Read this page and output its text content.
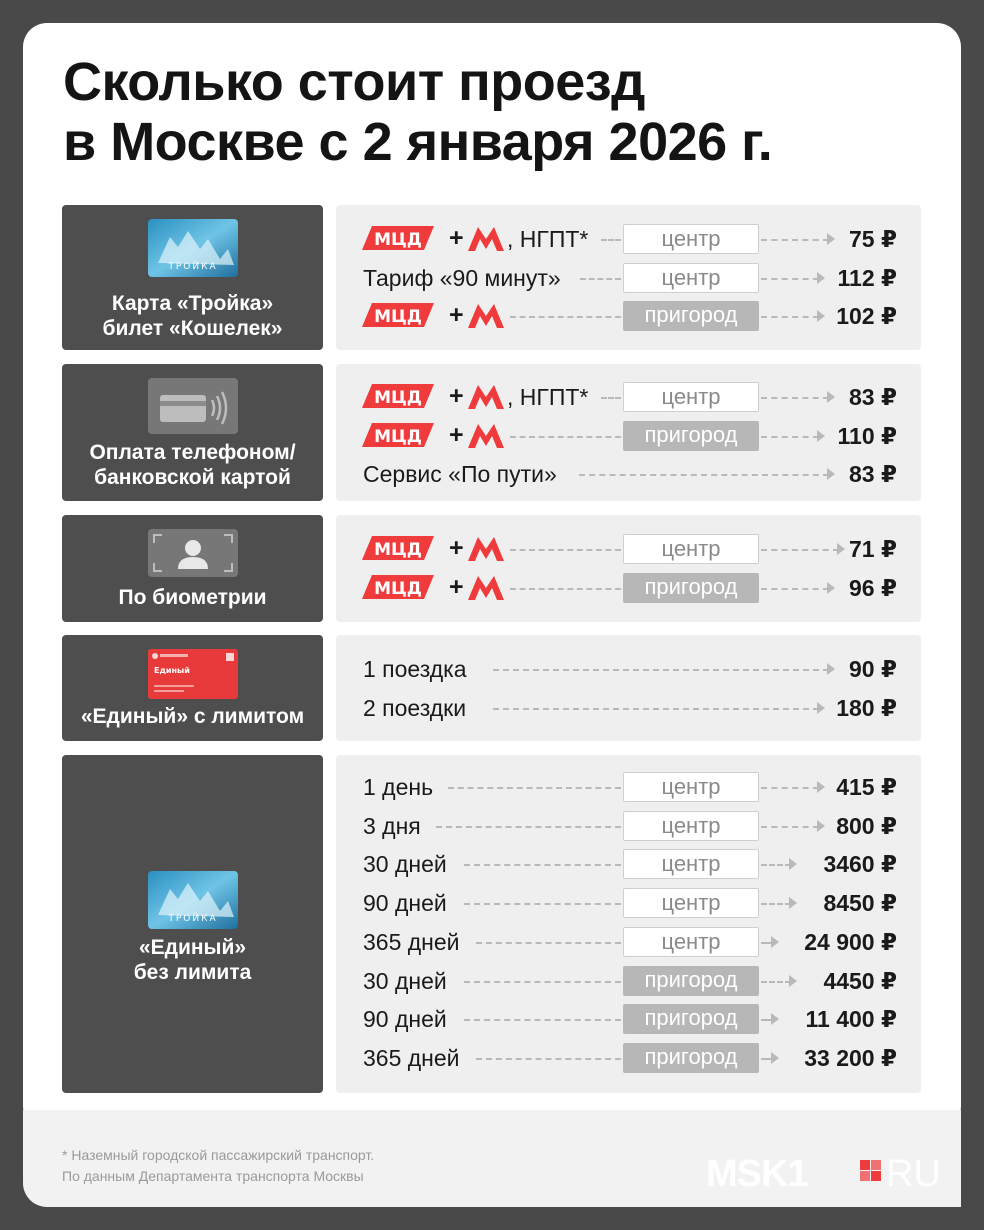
Сколько стоит проезд
в Москве с 2 января 2026 г.
ТРОЙКА
Карта «Тройка»
билет «Кошелек»
МЦД + , НГПТ*	центр	75 ₽
Тариф «90 минут»	центр	112 ₽
МЦД +	пригород	102 ₽
Оплата телефоном/
банковской картой
МЦД + , НГПТ*	центр	83 ₽
МЦД +	пригород	110 ₽
Сервис «По пути»	83 ₽
По биометрии
МЦД +	центр	71 ₽
МЦД +	пригород	96 ₽
Единый
«Единый» с лимитом
1 поездка	90 ₽
2 поездки	180 ₽
ТРОЙКА
«Единый»
без лимита
1 день	центр	415 ₽
3 дня	центр	800 ₽
30 дней	центр	3460 ₽
90 дней	центр	8450 ₽
365 дней	центр	24 900 ₽
30 дней	пригород	4450 ₽
90 дней	пригород	11 400 ₽
365 дней	пригород	33 200 ₽
* Наземный городской пассажирский транспорт.
По данным Департамента транспорта Москвы	MSK1 RU
